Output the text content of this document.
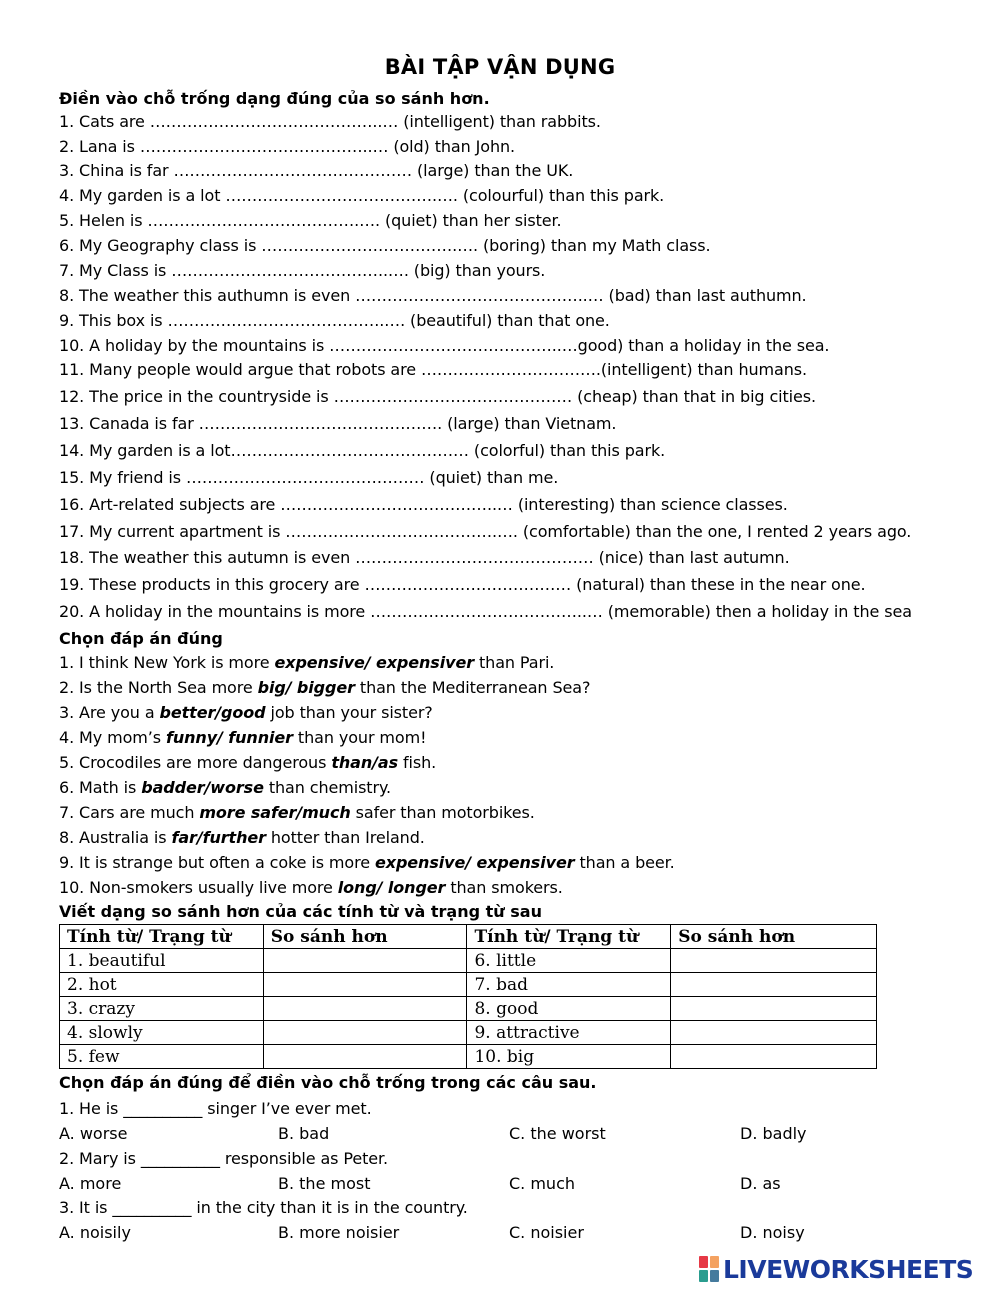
BÀI TẬP VẬN DỤNG
Điền vào chỗ trống dạng đúng của so sánh hơn.
1. Cats are ……………………………………..… (intelligent) than rabbits.
2. Lana is ……………………………………..… (old) than John.
3. China is far ……………………………………… (large) than the UK.
4. My garden is a lot ………………………………….…. (colourful) than this park.
5. Helen is ………………………………….…. (quiet) than her sister.
6. My Geography class is ……………………………….…. (boring) than my Math class.
7. My Class is …………………………………..…. (big) than yours.
8. The weather this authumn is even ……………………………………..… (bad) than last authumn.
9. This box is …………………………………..…. (beautiful) than that one.
10. A holiday by the mountains is ……………………………………..…good) than a holiday in the sea.
11. Many people would argue that robots are …………………………….(intelligent) than humans.
12. The price in the countryside is ……………………………………… (cheap) than that in big cities.
13. Canada is far ………………………………………. (large) than Vietnam.
14. My garden is a lot……………………………………… (colorful) than this park.
15. My friend is ……………………………………… (quiet) than me.
16. Art-related subjects are …………………………………..… (interesting) than science classes.
17. My current apartment is ………………………………….…. (comfortable) than the one, I rented 2 years ago.
18. The weather this autumn is even ……………………………………… (nice) than last autumn.
19. These products in this grocery are ………………………………… (natural) than these in the near one.
20. A holiday in the mountains is more …………………………………..… (memorable) then a holiday in the sea
Chọn đáp án đúng
1. I think New York is more expensive/ expensiver than Pari.
2. Is the North Sea more big/ bigger than the Mediterranean Sea?
3. Are you a better/good job than your sister?
4. My mom’s funny/ funnier than your mom!
5. Crocodiles are more dangerous than/as fish.
6. Math is badder/worse than chemistry.
7. Cars are much more safer/much safer than motorbikes.
8. Australia is far/further hotter than Ireland.
9. It is strange but often a coke is more expensive/ expensiver than a beer.
10. Non-smokers usually live more long/ longer than smokers.
Viết dạng so sánh hơn của các tính từ và trạng từ sau
Tính từ/ Trạng từ	So sánh hơn	Tính từ/ Trạng từ	So sánh hơn
1. beautiful		6. little	
2. hot		7. bad	
3. crazy		8. good	
4. slowly		9. attractive	
5. few		10. big	
Chọn đáp án đúng để điền vào chỗ trống trong các câu sau.
1. He is __________ singer I’ve ever met.
A. worse	B. bad	C. the worst	D. badly
2. Mary is __________ responsible as Peter.
A. more	B. the most	C. much	D. as
3. It is __________ in the city than it is in the country.
A. noisily	B. more noisier	C. noisier	D. noisy
LIVEWORKSHEETS
